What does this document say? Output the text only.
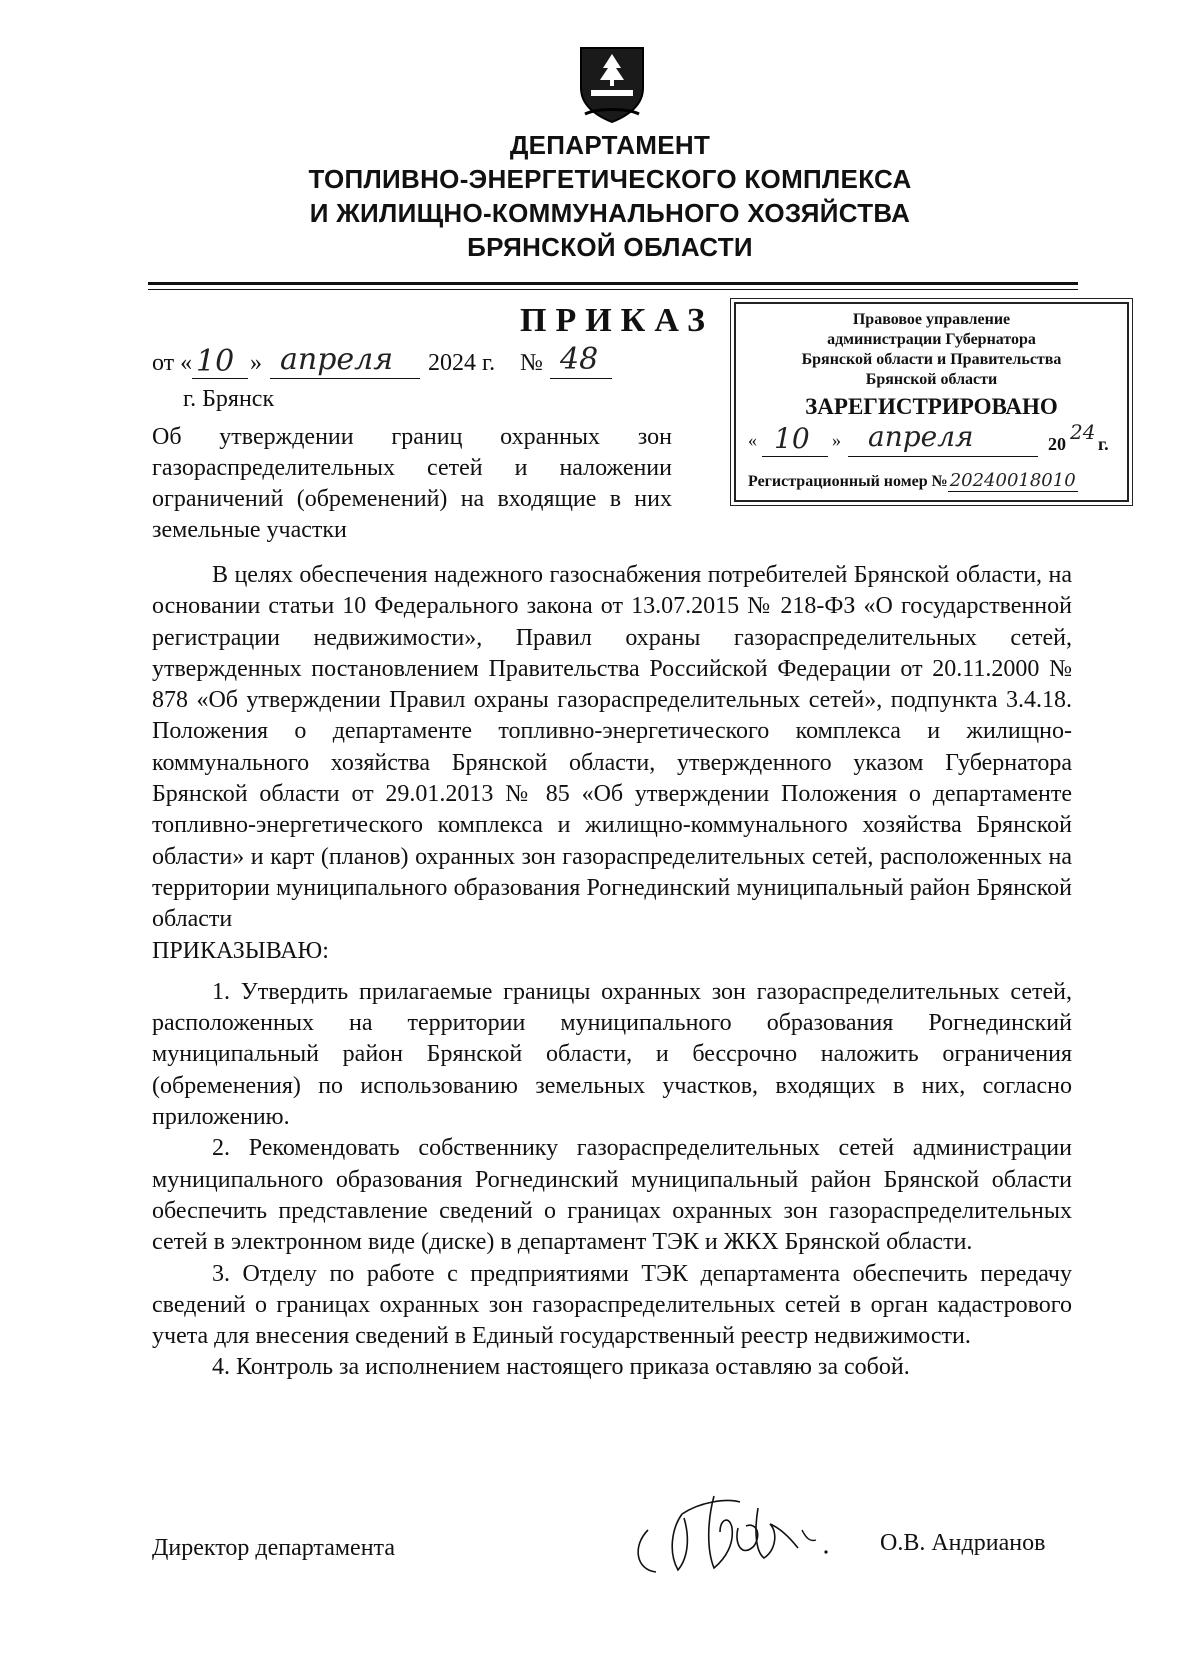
ДЕПАРТАМЕНТ
ТОПЛИВНО-ЭНЕРГЕТИЧЕСКОГО КОМПЛЕКСА
И ЖИЛИЩНО-КОММУНАЛЬНОГО ХОЗЯЙСТВА
БРЯНСКОЙ ОБЛАСТИ
ПРИКАЗ
от « 10 » апреля 2024 г. № 48
г. Брянск
Об утверждении границ охранных зон газораспределительных сетей и наложении ограничений (обременений) на входящие в них земельные участки
Правовое управление
администрации Губернатора
Брянской области и Правительства
Брянской области
ЗАРЕГИСТРИРОВАНО
« 10 » апреля	20 24 г.
Регистрационный номер № 20240018010

В целях обеспечения надежного газоснабжения потребителей Брянской области, на основании статьи 10 Федерального закона от 13.07.2015 № 218-ФЗ «О государственной регистрации недвижимости», Правил охраны газораспределительных сетей, утвержденных постановлением Правительства Российской Федерации от 20.11.2000 № 878 «Об утверждении Правил охраны газораспределительных сетей», подпункта 3.4.18. Положения о департаменте топливно-энергетического комплекса и жилищно-коммунального хозяйства Брянской области, утвержденного указом Губернатора Брянской области от 29.01.2013 № 85 «Об утверждении Положения о департаменте топливно-энергетического комплекса и жилищно-коммунального хозяйства Брянской области» и карт (планов) охранных зон газораспределительных сетей, расположенных на территории муниципального образования Рогнединский муниципальный район Брянской области

ПРИКАЗЫВАЮ:

1. Утвердить прилагаемые границы охранных зон газораспределительных сетей, расположенных на территории муниципального образования Рогнединский муниципальный район Брянской области, и бессрочно наложить ограничения (обременения) по использованию земельных участков, входящих в них, согласно приложению.

2. Рекомендовать собственнику газораспределительных сетей администрации муниципального образования Рогнединский муниципальный район Брянской области обеспечить представление сведений о границах охранных зон газораспределительных сетей в электронном виде (диске) в департамент ТЭК и ЖКХ Брянской области.

3. Отделу по работе с предприятиями ТЭК департамента обеспечить передачу сведений о границах охранных зон газораспределительных сетей в орган кадастрового учета для внесения сведений в Единый государственный реестр недвижимости.

4. Контроль за исполнением настоящего приказа оставляю за собой.

Директор департамента	О.В. Андрианов
